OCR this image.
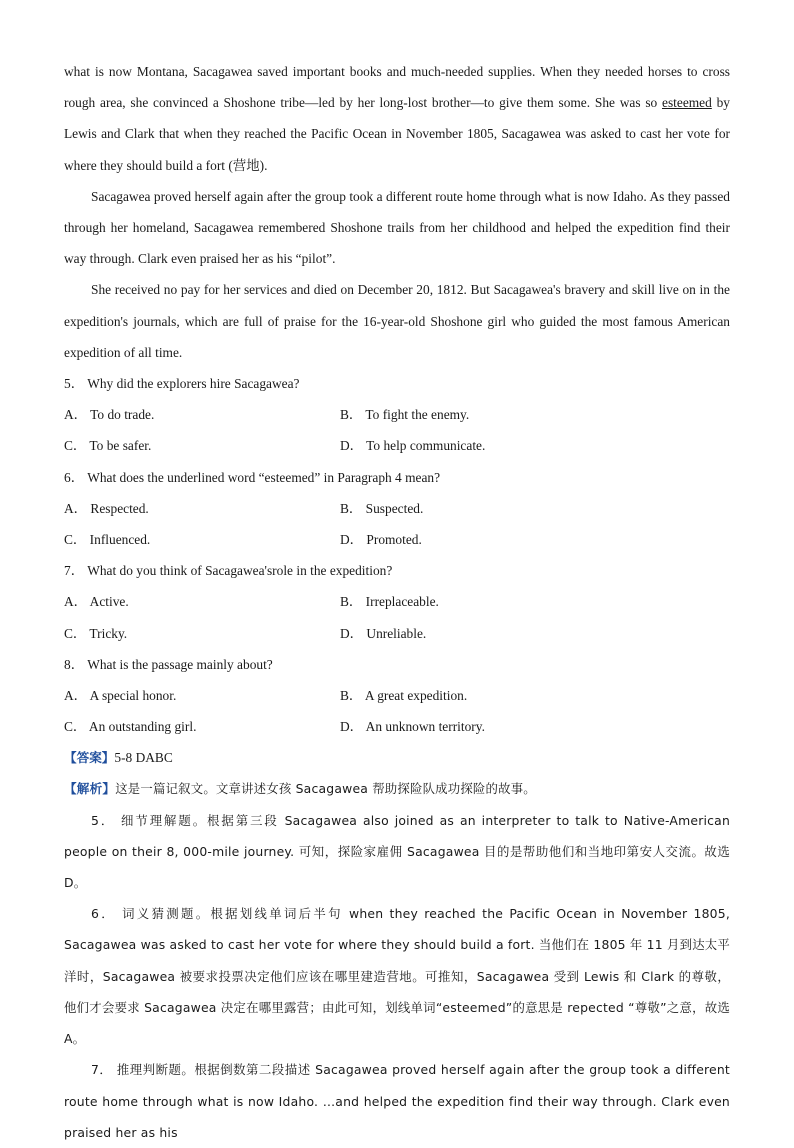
what is now Montana, Sacagawea saved important books and much-needed supplies. When they needed horses to cross rough area, she convinced a Shoshone tribe—led by her long-lost brother—to give them some. She was so esteemed by Lewis and Clark that when they reached the Pacific Ocean in November 1805, Sacagawea was asked to cast her vote for where they should build a fort (营地).

Sacagawea proved herself again after the group took a different route home through what is now Idaho. As they passed through her homeland, Sacagawea remembered Shoshone trails from her childhood and helped the expedition find their way through. Clark even praised her as his “pilot”.

She received no pay for her services and died on December 20, 1812. But Sacagawea's bravery and skill live on in the expedition's journals, which are full of praise for the 16-year-old Shoshone girl who guided the most famous American expedition of all time.

5． Why did the explorers hire Sacagawea?

A． To do trade.	B． To fight the enemy.
C． To be safer.	D． To help communicate.

6． What does the underlined word “esteemed” in Paragraph 4 mean?

A． Respected.	B． Suspected.
C． Influenced.	D． Promoted.

7． What do you think of Sacagawea'srole in the expedition?

A． Active.	B． Irreplaceable.
C． Tricky.	D． Unreliable.

8． What is the passage mainly about?

A． A special honor.	B． A great expedition.
C． An outstanding girl.	D． An unknown territory.

【答案】5-8 DABC

【解析】这是一篇记叙文。文章讲述女孩 Sacagawea 帮助探险队成功探险的故事。

5． 细节理解题。根据第三段 Sacagawea also joined as an interpreter to talk to Native-American people on their 8, 000-mile journey. 可知，探险家雇佣 Sacagawea 目的是帮助他们和当地印第安人交流。故选 D。

6． 词义猜测题。根据划线单词后半句 when they reached the Pacific Ocean in November 1805, Sacagawea was asked to cast her vote for where they should build a fort. 当他们在 1805 年 11 月到达太平洋时，Sacagawea 被要求投票决定他们应该在哪里建造营地。可推知，Sacagawea 受到 Lewis 和 Clark 的尊敬，他们才会要求 Sacagawea 决定在哪里露营；由此可知，划线单词“esteemed”的意思是 repected “尊敬”之意，故选 A。

7． 推理判断题。根据倒数第二段描述 Sacagawea proved herself again after the group took a different route home through what is now Idaho. …and helped the expedition find their way through. Clark even praised her as his
